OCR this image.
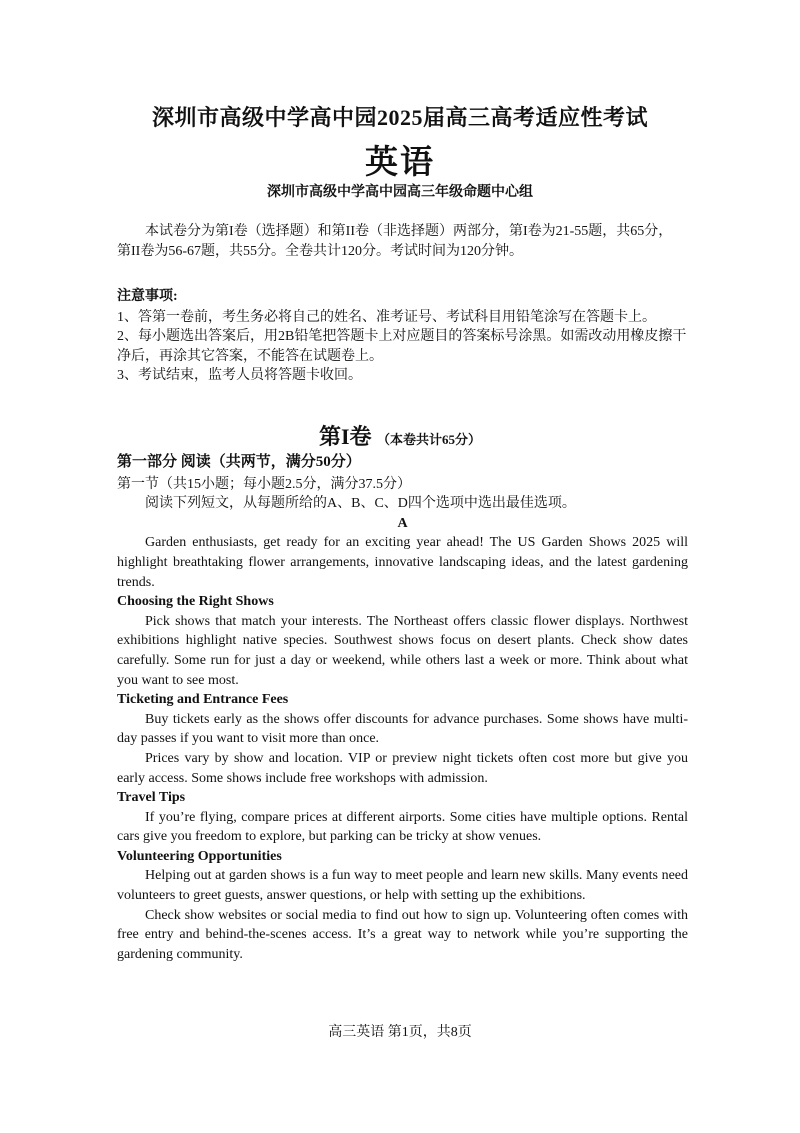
深圳市高级中学高中园2025届高三高考适应性考试
英语
深圳市高级中学高中园高三年级命题中心组

本试卷分为第I卷（选择题）和第II卷（非选择题）两部分，第I卷为21-55题，共65分，

第II卷为56-67题，共55分。全卷共计120分。考试时间为120分钟。

注意事项:

1、答第一卷前，考生务必将自己的姓名、准考证号、考试科目用铅笔涂写在答题卡上。

2、每小题选出答案后，用2B铅笔把答题卡上对应题目的答案标号涂黑。如需改动用橡皮擦干

净后，再涂其它答案，不能答在试题卷上。

3、考试结束，监考人员将答题卡收回。

第I卷 （本卷共计65分）

第一部分 阅读（共两节，满分50分）

第一节（共15小题；每小题2.5分，满分37.5分）

阅读下列短文，从每题所给的A、B、C、D四个选项中选出最佳选项。

A

Garden enthusiasts, get ready for an exciting year ahead! The US Garden Shows 2025 will highlight breathtaking flower arrangements, innovative landscaping ideas, and the latest gardening trends.

Choosing the Right Shows

Pick shows that match your interests. The Northeast offers classic flower displays. Northwest exhibitions highlight native species. Southwest shows focus on desert plants. Check show dates carefully. Some run for just a day or weekend, while others last a week or more. Think about what you want to see most.

Ticketing and Entrance Fees

Buy tickets early as the shows offer discounts for advance purchases. Some shows have multi-day passes if you want to visit more than once.

Prices vary by show and location. VIP or preview night tickets often cost more but give you early access. Some shows include free workshops with admission.

Travel Tips

If you’re flying, compare prices at different airports. Some cities have multiple options. Rental cars give you freedom to explore, but parking can be tricky at show venues.

Volunteering Opportunities

Helping out at garden shows is a fun way to meet people and learn new skills. Many events need volunteers to greet guests, answer questions, or help with setting up the exhibitions.

Check show websites or social media to find out how to sign up. Volunteering often comes with free entry and behind-the-scenes access. It’s a great way to network while you’re supporting the gardening community.

高三英语 第1页，共8页
